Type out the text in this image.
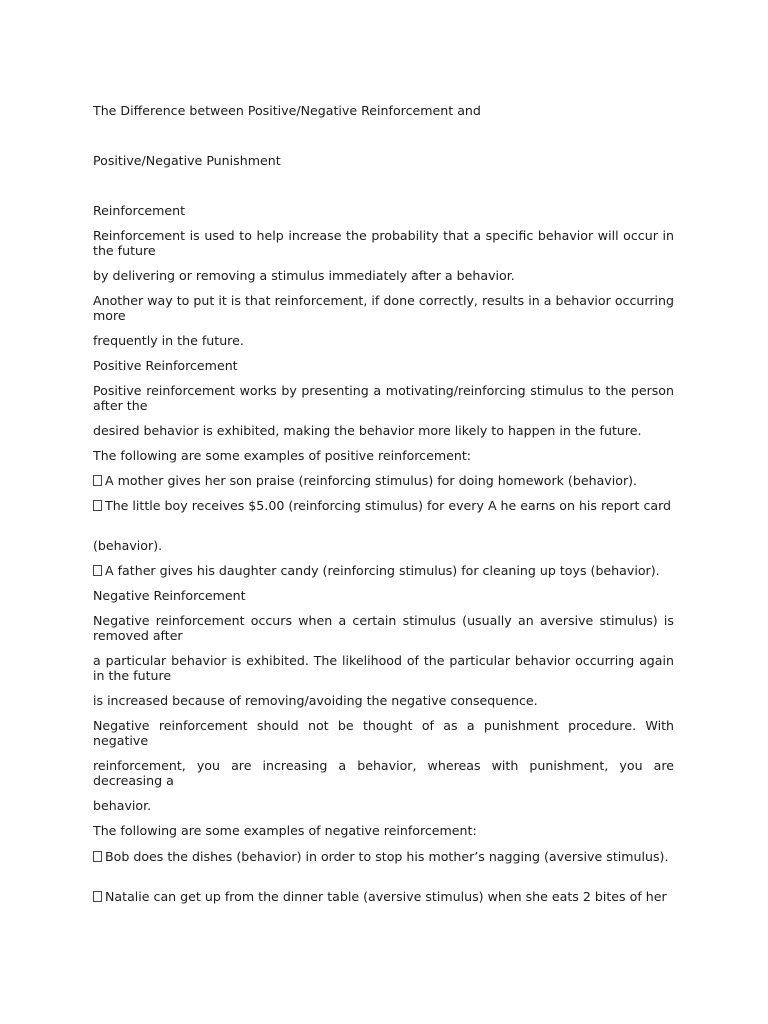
The Difference between Positive/Negative Reinforcement and

Positive/Negative Punishment

Reinforcement

Reinforcement is used to help increase the probability that a specific behavior will occur in the future

by delivering or removing a stimulus immediately after a behavior.

Another way to put it is that reinforcement, if done correctly, results in a behavior occurring more

frequently in the future.

Positive Reinforcement

Positive reinforcement works by presenting a motivating/reinforcing stimulus to the person after the

desired behavior is exhibited, making the behavior more likely to happen in the future.

The following are some examples of positive reinforcement:

A mother gives her son praise (reinforcing stimulus) for doing homework (behavior).

The little boy receives $5.00 (reinforcing stimulus) for every A he earns on his report card

(behavior).

A father gives his daughter candy (reinforcing stimulus) for cleaning up toys (behavior).

Negative Reinforcement

Negative reinforcement occurs when a certain stimulus (usually an aversive stimulus) is removed after

a particular behavior is exhibited. The likelihood of the particular behavior occurring again in the future

is increased because of removing/avoiding the negative consequence.

Negative reinforcement should not be thought of as a punishment procedure. With negative

reinforcement, you are increasing a behavior, whereas with punishment, you are decreasing a

behavior.

The following are some examples of negative reinforcement:

Bob does the dishes (behavior) in order to stop his mother’s nagging (aversive stimulus).

Natalie can get up from the dinner table (aversive stimulus) when she eats 2 bites of her
